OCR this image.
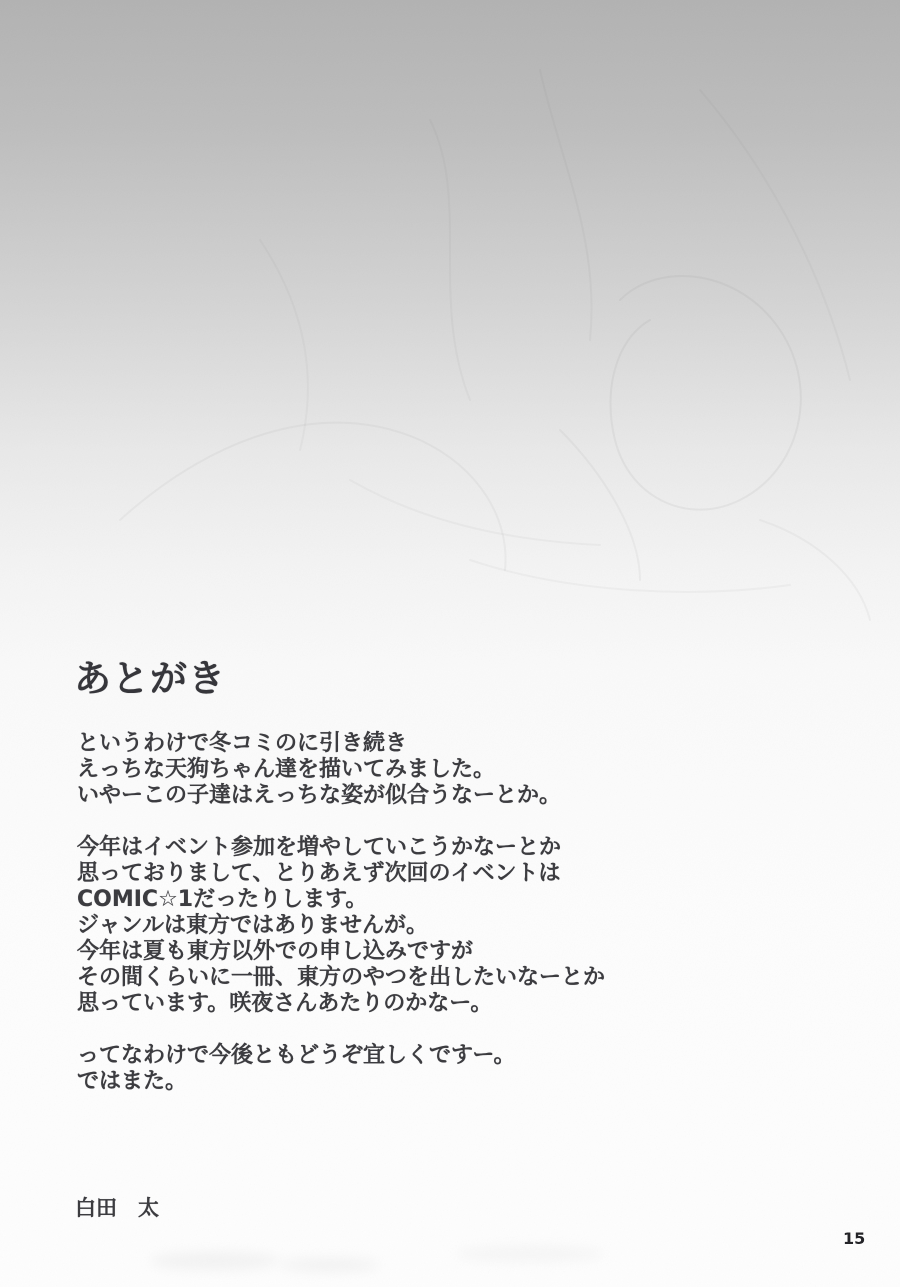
あとがき
というわけで冬コミのに引き続き
えっちな天狗ちゃん達を描いてみました。
いやーこの子達はえっちな姿が似合うなーとか。
今年はイベント参加を増やしていこうかなーとか
思っておりまして、とりあえず次回のイベントは
COMIC☆1だったりします。
ジャンルは東方ではありませんが。
今年は夏も東方以外での申し込みですが
その間くらいに一冊、東方のやつを出したいなーとか
思っています。咲夜さんあたりのかなー。
ってなわけで今後ともどうぞ宜しくですー。
ではまた。
白田　太
15
